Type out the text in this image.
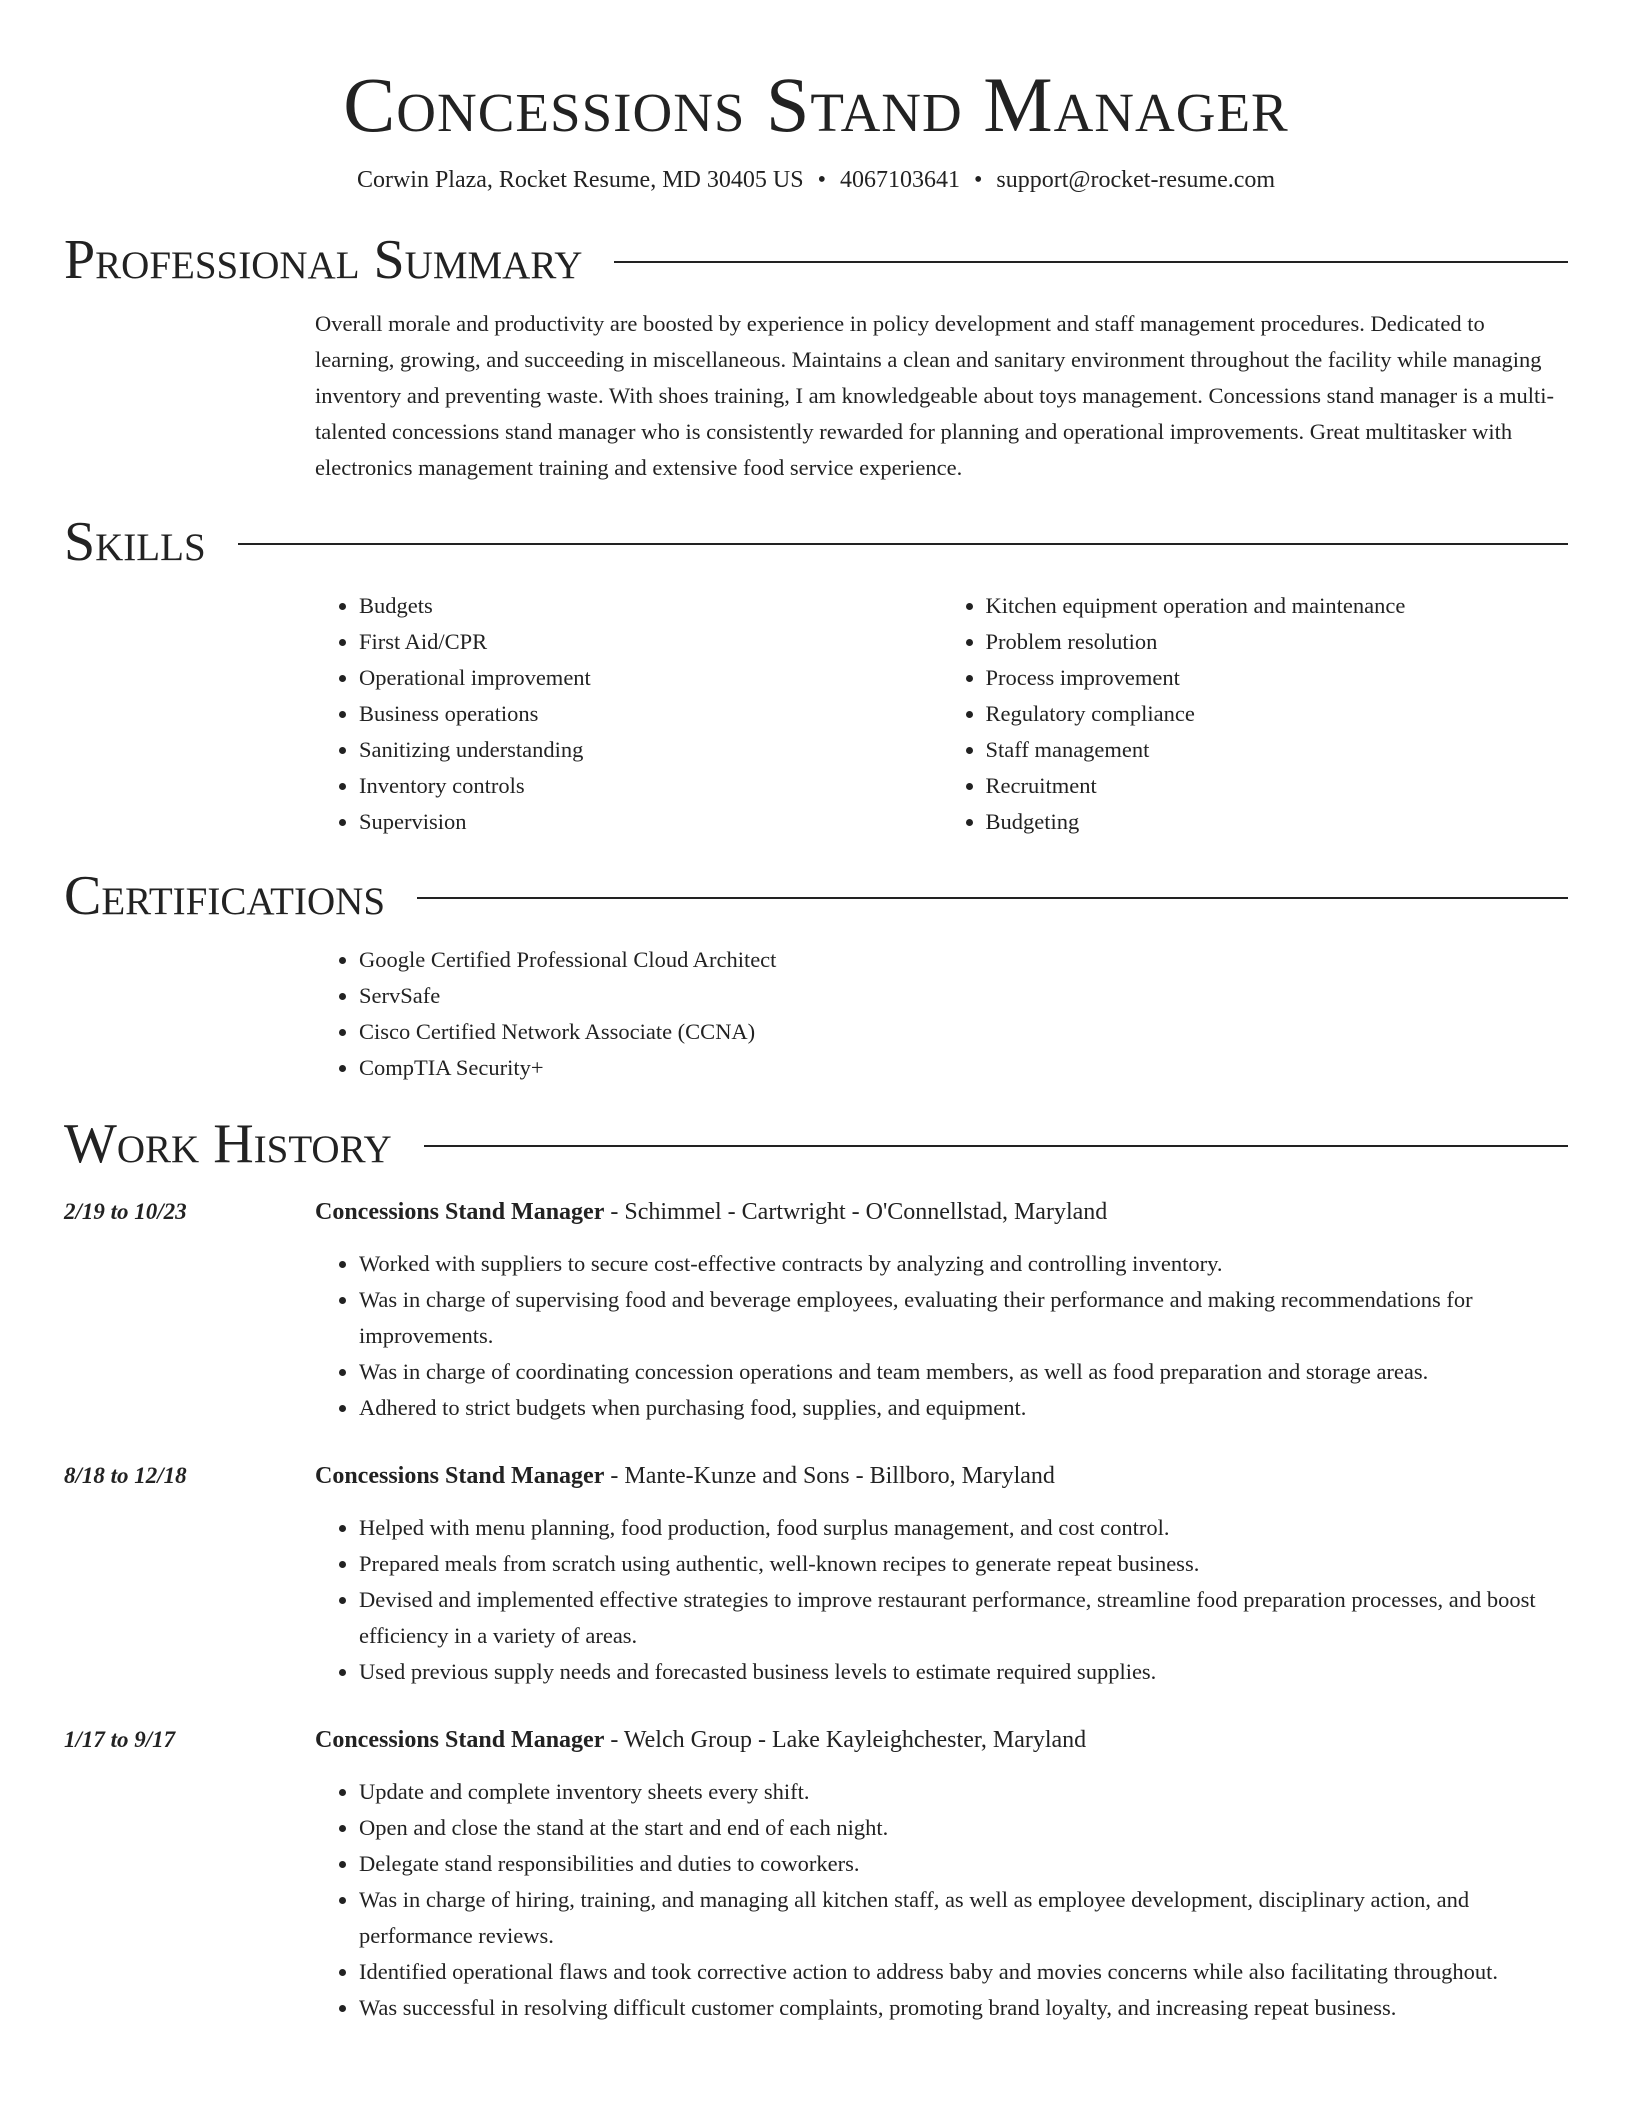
Concessions Stand Manager
Corwin Plaza, Rocket Resume, MD 30405 US • 4067103641 • support@rocket-resume.com
Professional Summary

Overall morale and productivity are boosted by experience in policy development and staff management procedures. Dedicated to learning, growing, and succeeding in miscellaneous. Maintains a clean and sanitary environment throughout the facility while managing inventory and preventing waste. With shoes training, I am knowledgeable about toys management. Concessions stand manager is a multi-talented concessions stand manager who is consistently rewarded for planning and operational improvements. Great multitasker with electronics management training and extensive food service experience.

Skills
• Budgets
• First Aid/CPR
• Operational improvement
• Business operations
• Sanitizing understanding
• Inventory controls
• Supervision
• Kitchen equipment operation and maintenance
• Problem resolution
• Process improvement
• Regulatory compliance
• Staff management
• Recruitment
• Budgeting
Certifications
• Google Certified Professional Cloud Architect
• ServSafe
• Cisco Certified Network Associate (CCNA)
• CompTIA Security+
Work History
2/19 to 10/23	Concessions Stand Manager - Schimmel - Cartwright - O'Connellstad, Maryland
• Worked with suppliers to secure cost-effective contracts by analyzing and controlling inventory.
• Was in charge of supervising food and beverage employees, evaluating their performance and making recommendations for improvements.
• Was in charge of coordinating concession operations and team members, as well as food preparation and storage areas.
• Adhered to strict budgets when purchasing food, supplies, and equipment.
8/18 to 12/18	Concessions Stand Manager - Mante-Kunze and Sons - Billboro, Maryland
• Helped with menu planning, food production, food surplus management, and cost control.
• Prepared meals from scratch using authentic, well-known recipes to generate repeat business.
• Devised and implemented effective strategies to improve restaurant performance, streamline food preparation processes, and boost efficiency in a variety of areas.
• Used previous supply needs and forecasted business levels to estimate required supplies.
1/17 to 9/17	Concessions Stand Manager - Welch Group - Lake Kayleighchester, Maryland
• Update and complete inventory sheets every shift.
• Open and close the stand at the start and end of each night.
• Delegate stand responsibilities and duties to coworkers.
• Was in charge of hiring, training, and managing all kitchen staff, as well as employee development, disciplinary action, and performance reviews.
• Identified operational flaws and took corrective action to address baby and movies concerns while also facilitating throughout.
• Was successful in resolving difficult customer complaints, promoting brand loyalty, and increasing repeat business.
